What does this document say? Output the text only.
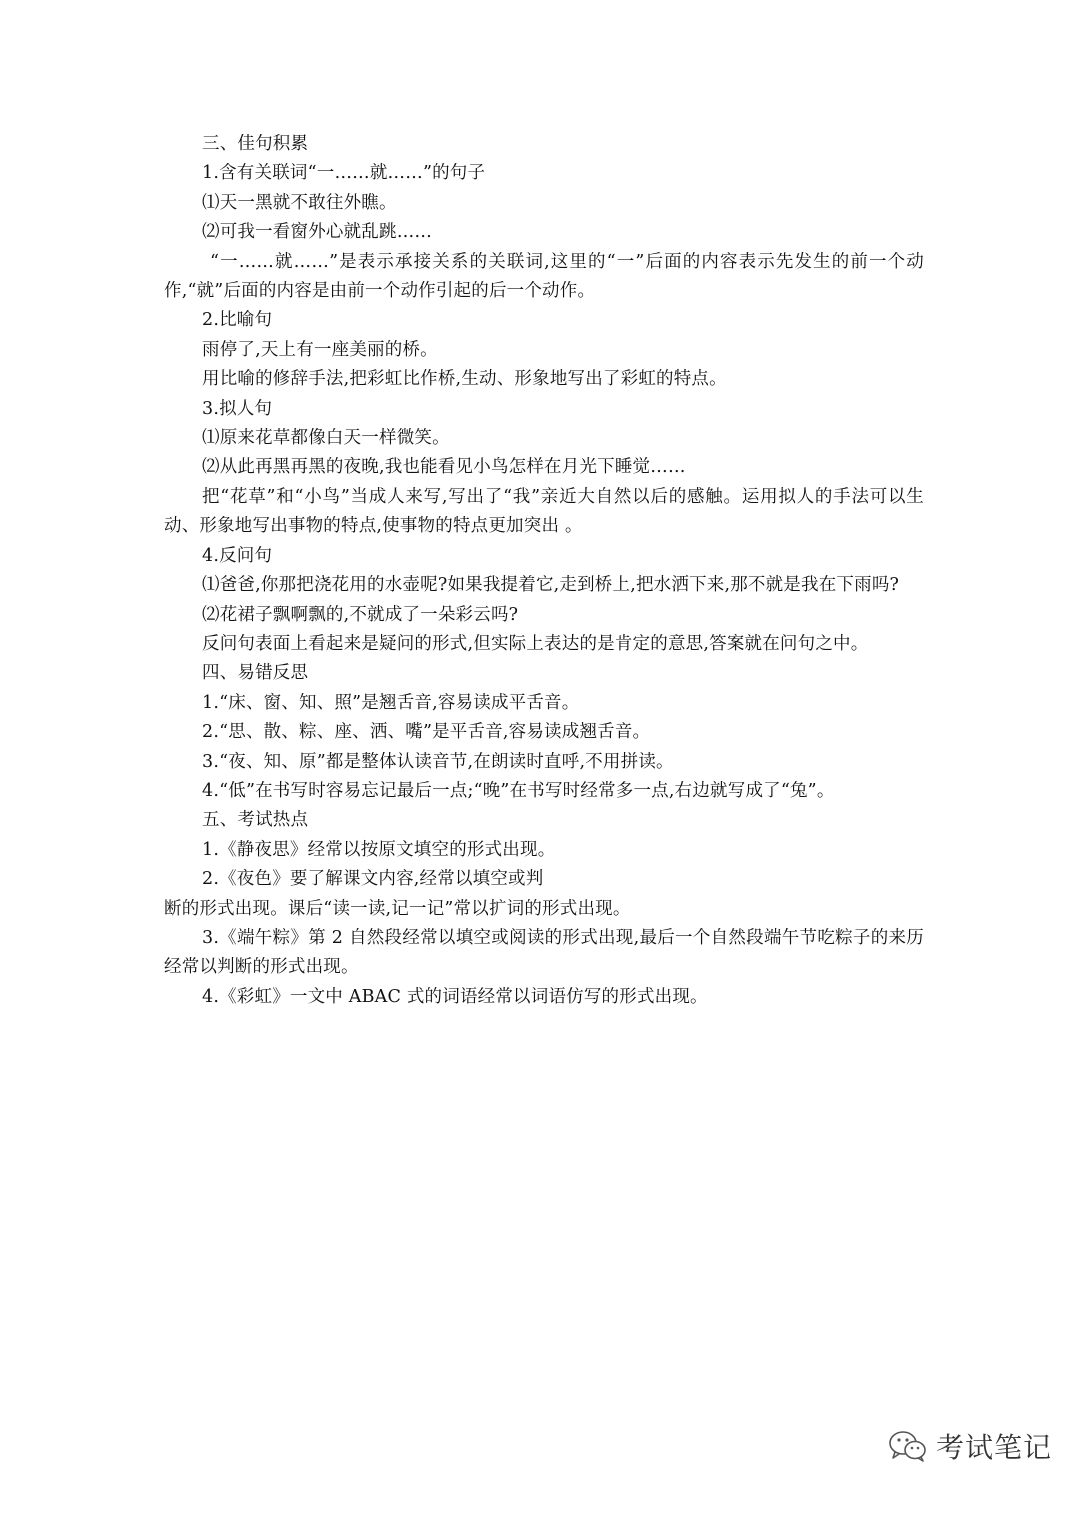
三、佳句积累
1.含有关联词“一……就……”的句子
⑴天一黑就不敢往外瞧。
⑵可我一看窗外心就乱跳……
“一……就……”是表示承接关系的关联词,这里的“一”后面的内容表示先发生的前一个动作,“就”后面的内容是由前一个动作引起的后一个动作。
2.比喻句
雨停了,天上有一座美丽的桥。
用比喻的修辞手法,把彩虹比作桥,生动、形象地写出了彩虹的特点。
3.拟人句
⑴原来花草都像白天一样微笑。
⑵从此再黑再黑的夜晚,我也能看见小鸟怎样在月光下睡觉……
把“花草”和“小鸟”当成人来写,写出了“我”亲近大自然以后的感触。运用拟人的手法可以生动、形象地写出事物的特点,使事物的特点更加突出 。
4.反问句
⑴爸爸,你那把浇花用的水壶呢?如果我提着它,走到桥上,把水洒下来,那不就是我在下雨吗?
⑵花裙子飘啊飘的,不就成了一朵彩云吗?
反问句表面上看起来是疑问的形式,但实际上表达的是肯定的意思,答案就在问句之中。
四、易错反思
1.“床、窗、知、照”是翘舌音,容易读成平舌音。
2.“思、散、粽、座、洒、嘴”是平舌音,容易读成翘舌音。
3.“夜、知、原”都是整体认读音节,在朗读时直呼,不用拼读。
4.“低”在书写时容易忘记最后一点;“晚”在书写时经常多一点,右边就写成了“兔”。
五、考试热点
1.《静夜思》经常以按原文填空的形式出现。
2.《夜色》要了解课文内容,经常以填空或判
断的形式出现。课后“读一读,记一记”常以扩词的形式出现。
3.《端午粽》第 2 自然段经常以填空或阅读的形式出现,最后一个自然段端午节吃粽子的来历经常以判断的形式出现。
4.《彩虹》一文中 ABAC 式的词语经常以词语仿写的形式出现。
考试笔记
